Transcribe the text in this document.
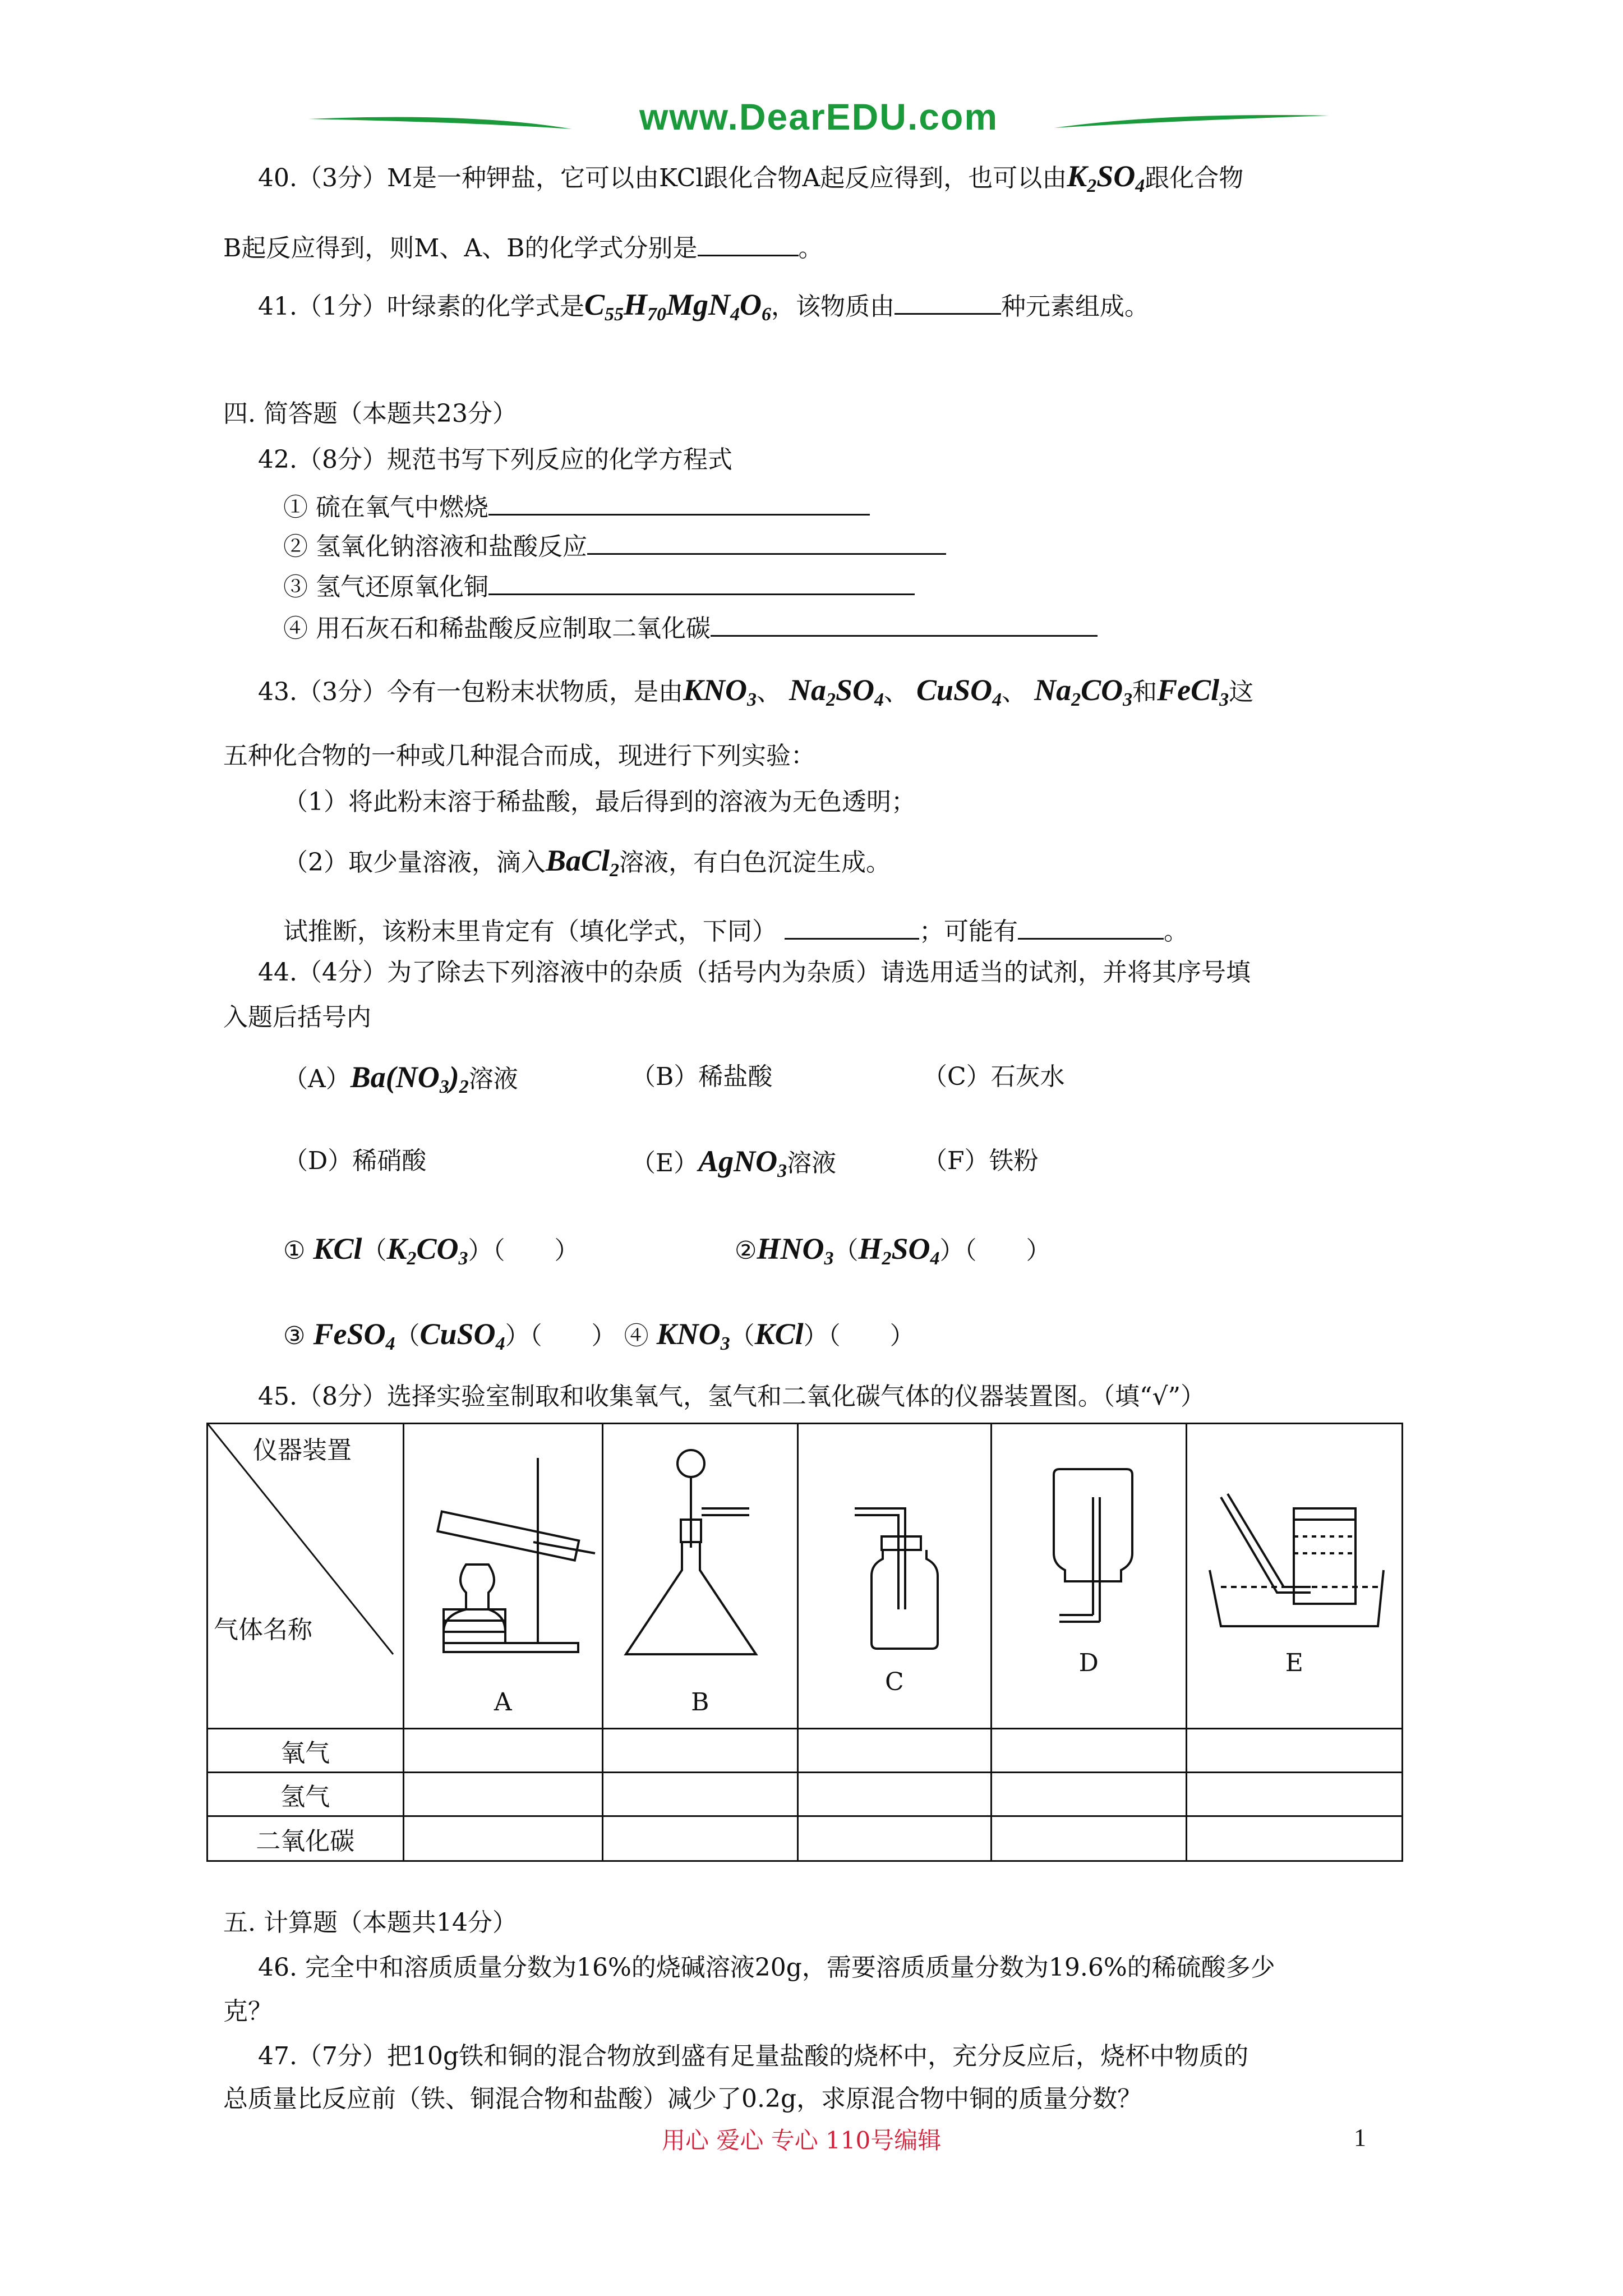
www.DearEDU.com
40.（3分）M是一种钾盐，它可以由KCl跟化合物A起反应得到，也可以由$K_2SO_4$跟化合物
B起反应得到，则M、A、B的化学式分别是	。
41.（1分）叶绿素的化学式是$C_{55}H_{70}MgN_4O_6$，该物质由	种元素组成。
四. 简答题（本题共23分）
42.（8分）规范书写下列反应的化学方程式
① 硫在氧气中燃烧
② 氢氧化钠溶液和盐酸反应
③ 氢气还原氧化铜
④ 用石灰石和稀盐酸反应制取二氧化碳
43.（3分）今有一包粉末状物质，是由$KNO_3$、 $Na_2SO_4$、 CuSO$_4$、 $Na_2CO_3$和FeCl$_3$这
五种化合物的一种或几种混合而成，现进行下列实验：
（1）将此粉末溶于稀盐酸，最后得到的溶液为无色透明；
（2）取少量溶液，滴入BaCl$_2$溶液，有白色沉淀生成。
试推断，该粉末里肯定有（填化学式，下同）	；可能有	。
44.（4分）为了除去下列溶液中的杂质（括号内为杂质）请选用适当的试剂，并将其序号填
入题后括号内
$(A)Ba(NO_3)_2$溶液	（B）稀盐酸	（C）石灰水
（D）稀硝酸	（E）AgNO$_3$溶液	（F）铁粉
① $KCl(K_2CO_3)$（　　）	$②HNO_3(H_2SO_4)$（　　）
③ FeSO$_4$（CuSO$_4$）（　　） ④ $KNO_3(KCl)$（　　）
45.（8分）选择实验室制取和收集氧气，氢气和二氧化碳气体的仪器装置图。（填“√”）
仪器装置
气体名称	A	B	C	D	E

氧气					
氢气					
二氧化碳					
五. 计算题（本题共14分）
46. 完全中和溶质质量分数为16%的烧碱溶液20g，需要溶质质量分数为19.6%的稀硫酸多少
克？
47.（7分）把10g铁和铜的混合物放到盛有足量盐酸的烧杯中，充分反应后，烧杯中物质的
总质量比反应前（铁、铜混合物和盐酸）减少了0.2g，求原混合物中铜的质量分数？
用心 爱心 专心 110号编辑	1
